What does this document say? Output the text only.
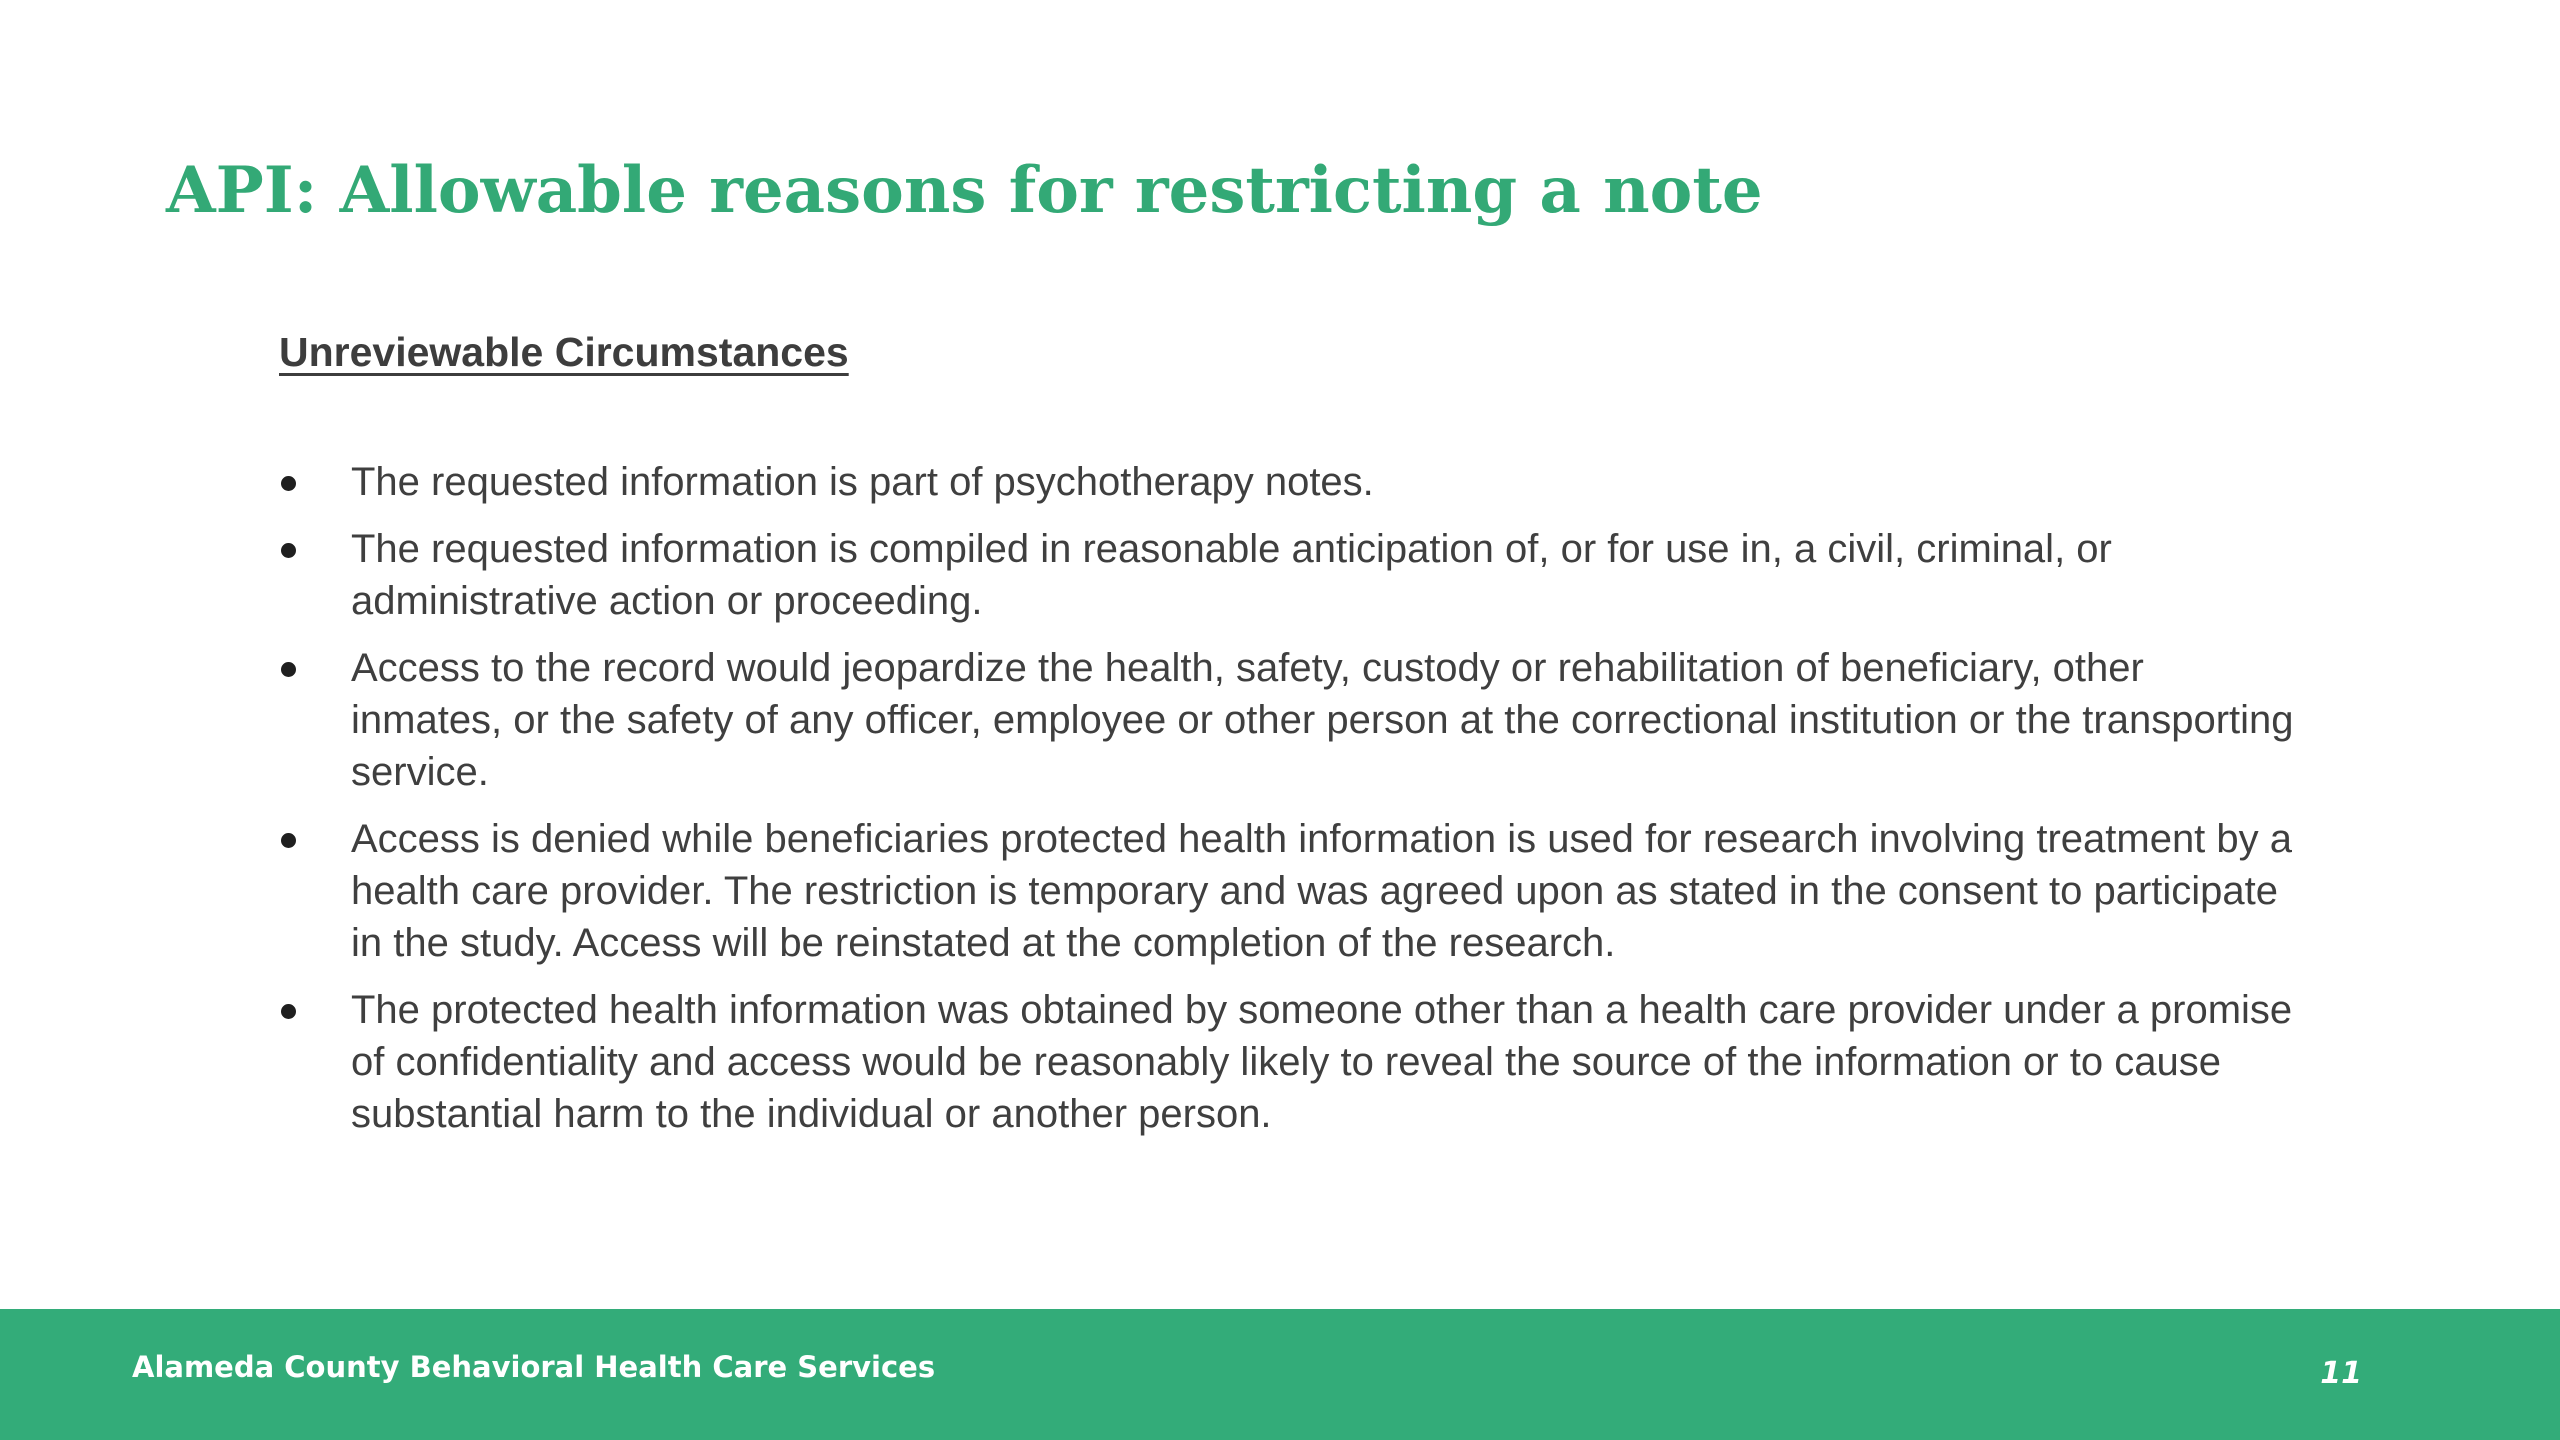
API: Allowable reasons for restricting a note
Unreviewable Circumstances
The requested information is part of psychotherapy notes.
The requested information is compiled in reasonable anticipation of, or for use in, a civil, criminal, or administrative action or proceeding.
Access to the record would jeopardize the health, safety, custody or rehabilitation of beneficiary, other inmates, or the safety of any officer, employee or other person at the correctional institution or the transporting service.
Access is denied while beneficiaries protected health information is used for research involving treatment by a health care provider. The restriction is temporary and was agreed upon as stated in the consent to participate in the study. Access will be reinstated at the completion of the research.
The protected health information was obtained by someone other than a health care provider under a promise of confidentiality and access would be reasonably likely to reveal the source of the information or to cause substantial harm to the individual or another person.
Alameda County Behavioral Health Care Services	11
